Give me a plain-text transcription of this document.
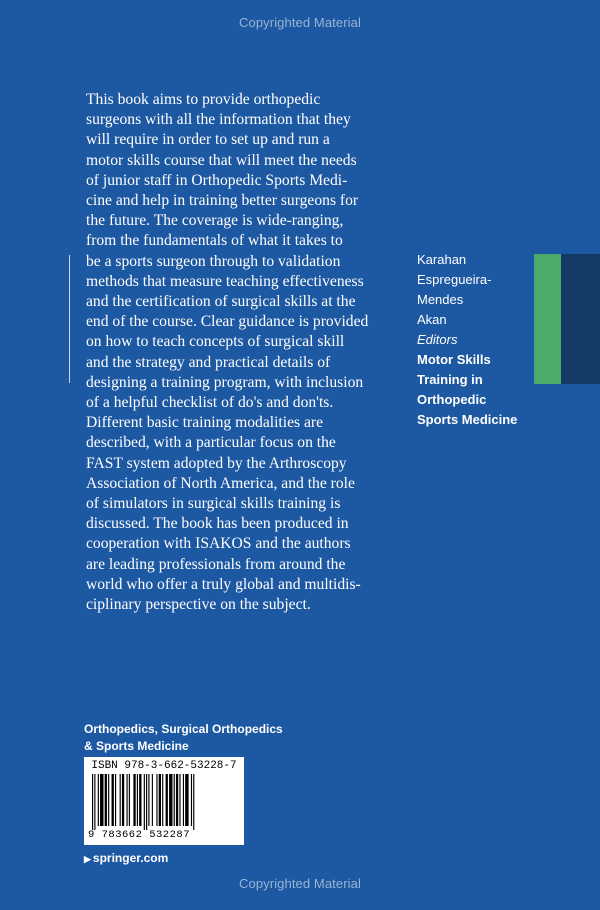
Copyrighted Material

This book aims to provide orthopedic
surgeons with all the information that they
will require in order to set up and run a
motor skills course that will meet the needs
of junior staff in Orthopedic Sports Medi-
cine and help in training better surgeons for
the future. The coverage is wide-ranging,
from the fundamentals of what it takes to
be a sports surgeon through to validation
methods that measure teaching effectiveness
and the certification of surgical skills at the
end of the course. Clear guidance is provided
on how to teach concepts of surgical skill
and the strategy and practical details of
designing a training program, with inclusion
of a helpful checklist of do's and don'ts.
Different basic training modalities are
described, with a particular focus on the
FAST system adopted by the Arthroscopy
Association of North America, and the role
of simulators in surgical skills training is
discussed. The book has been produced in
cooperation with ISAKOS and the authors
are leading professionals from around the
world who offer a truly global and multidis-
ciplinary perspective on the subject.

Karahan
Espregueira-
Mendes
Akan
Editors
Motor Skills
Training in
Orthopedic
Sports Medicine
Orthopedics, Surgical Orthopedics
& Sports Medicine
ISBN 978-3-662-53228-7
9 783662 532287
▶ springer.com
Copyrighted Material
